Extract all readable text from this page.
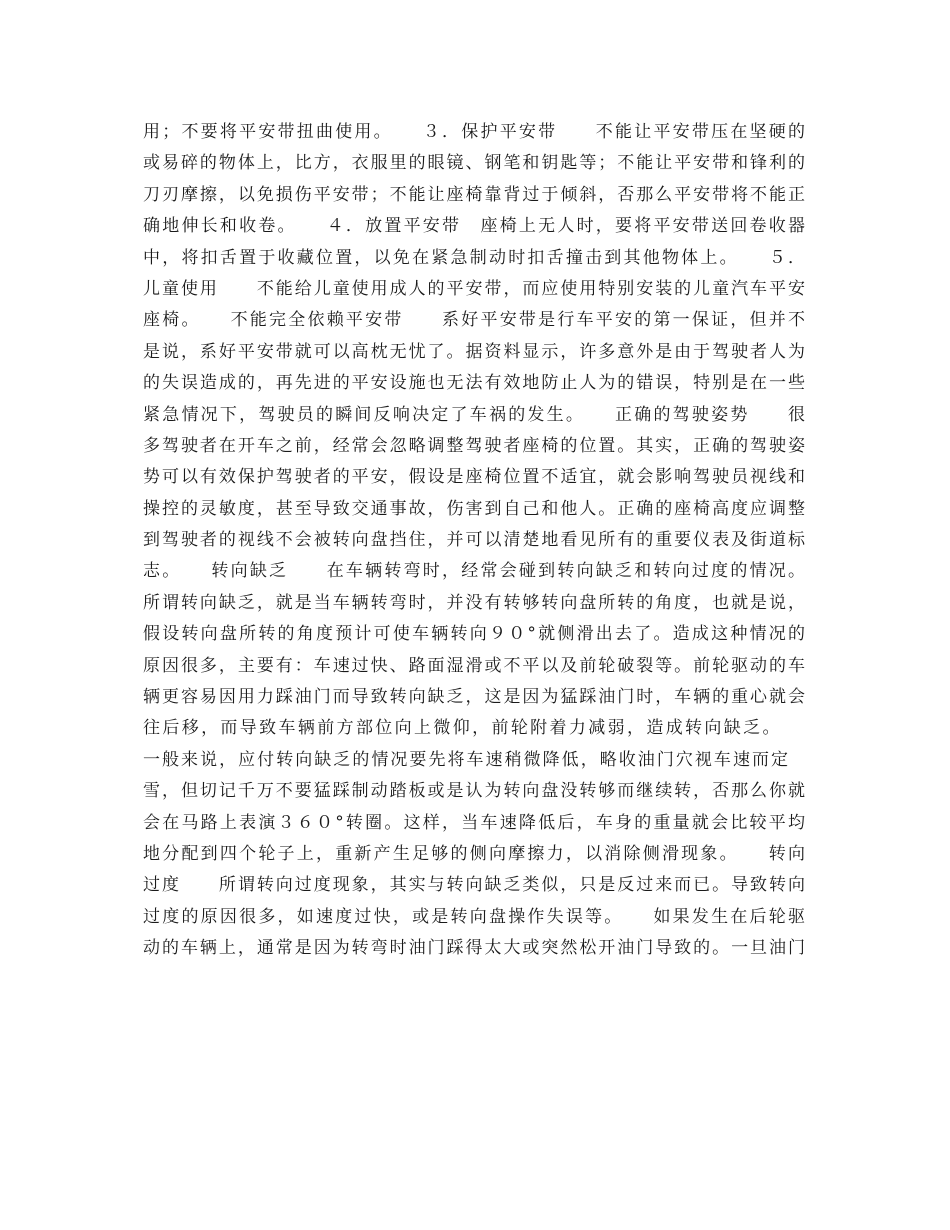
用；不要将平安带扭曲使用。　　３．保护平安带　　不能让平安带压在坚硬的
或易碎的物体上，比方，衣服里的眼镜、钢笔和钥匙等；不能让平安带和锋利的
刀刃摩擦，以免损伤平安带；不能让座椅靠背过于倾斜，否那么平安带将不能正
确地伸长和收卷。　　４．放置平安带　座椅上无人时，要将平安带送回卷收器
中，将扣舌置于收藏位置，以免在紧急制动时扣舌撞击到其他物体上。　　５．
儿童使用　　不能给儿童使用成人的平安带，而应使用特别安装的儿童汽车平安
座椅。　　不能完全依赖平安带　　系好平安带是行车平安的第一保证，但并不
是说，系好平安带就可以高枕无忧了。据资料显示，许多意外是由于驾驶者人为
的失误造成的，再先进的平安设施也无法有效地防止人为的错误，特别是在一些
紧急情况下，驾驶员的瞬间反响决定了车祸的发生。　　正确的驾驶姿势　　很
多驾驶者在开车之前，经常会忽略调整驾驶者座椅的位置。其实，正确的驾驶姿
势可以有效保护驾驶者的平安，假设是座椅位置不适宜，就会影响驾驶员视线和
操控的灵敏度，甚至导致交通事故，伤害到自己和他人。正确的座椅高度应调整
到驾驶者的视线不会被转向盘挡住，并可以清楚地看见所有的重要仪表及街道标
志。　　转向缺乏　　在车辆转弯时，经常会碰到转向缺乏和转向过度的情况。
所谓转向缺乏，就是当车辆转弯时，并没有转够转向盘所转的角度，也就是说，
假设转向盘所转的角度预计可使车辆转向９０°就侧滑出去了。造成这种情况的
原因很多，主要有：车速过快、路面湿滑或不平以及前轮破裂等。前轮驱动的车
辆更容易因用力踩油门而导致转向缺乏，这是因为猛踩油门时，车辆的重心就会
往后移，而导致车辆前方部位向上微仰，前轮附着力减弱，造成转向缺乏。　　
一般来说，应付转向缺乏的情况要先将车速稍微降低，略收油门穴视车速而定　
雪，但切记千万不要猛踩制动踏板或是认为转向盘没转够而继续转，否那么你就
会在马路上表演３６０°转圈。这样，当车速降低后，车身的重量就会比较平均
地分配到四个轮子上，重新产生足够的侧向摩擦力，以消除侧滑现象。　　转向
过度　　所谓转向过度现象，其实与转向缺乏类似，只是反过来而已。导致转向
过度的原因很多，如速度过快，或是转向盘操作失误等。　　如果发生在后轮驱
动的车辆上，通常是因为转弯时油门踩得太大或突然松开油门导致的。一旦油门
